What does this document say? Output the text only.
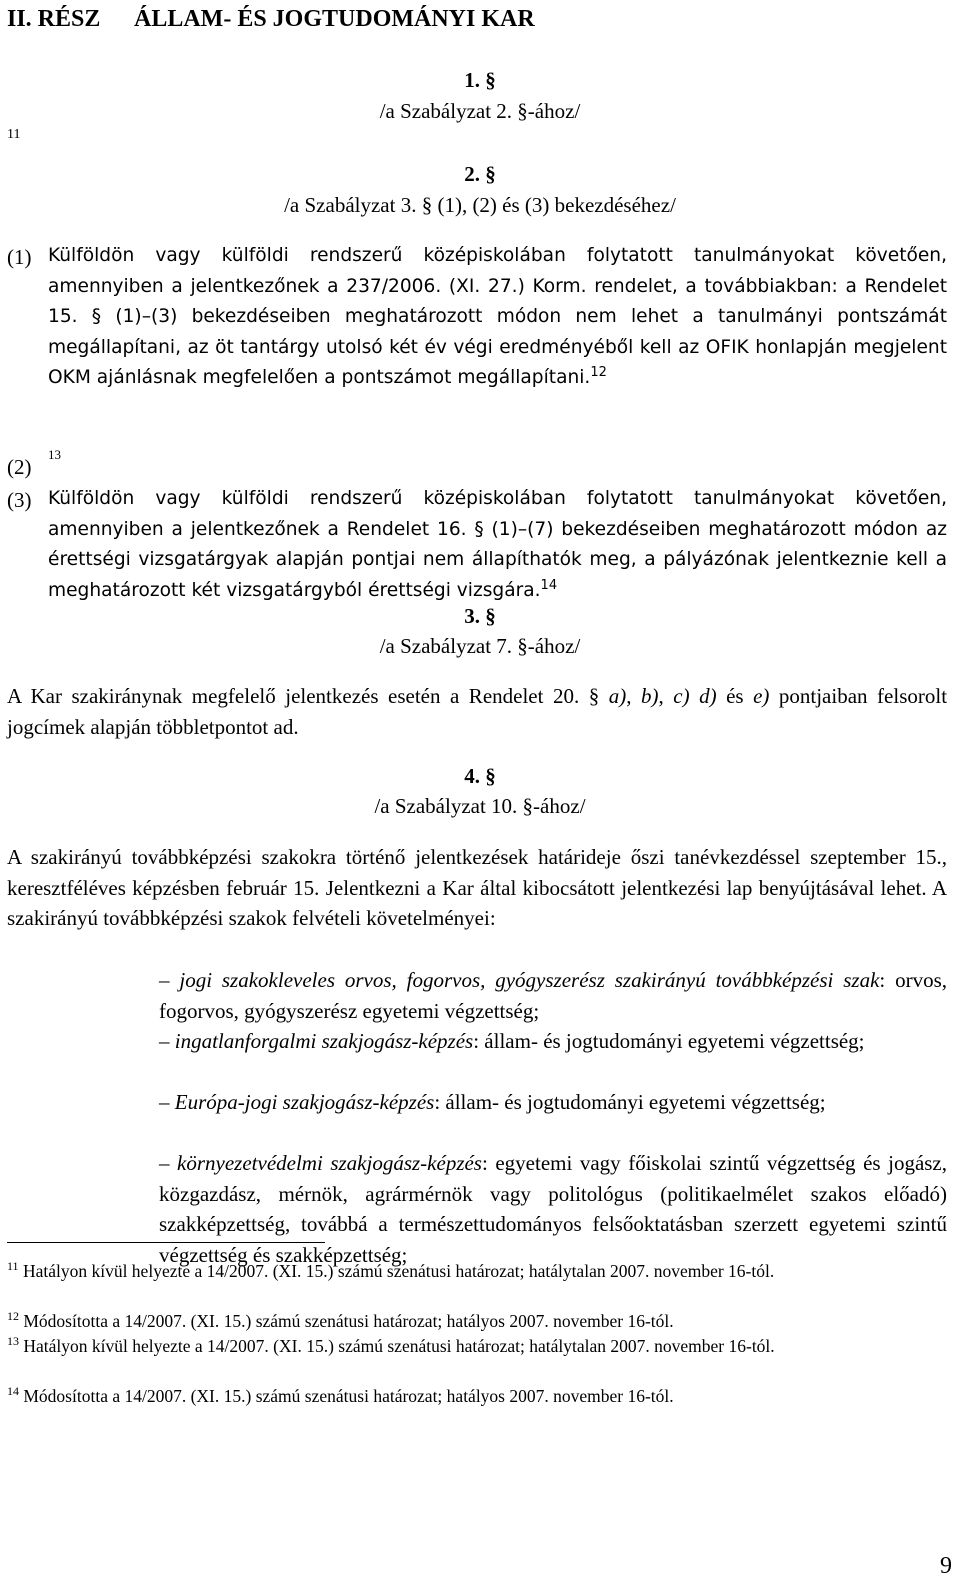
II. RÉSZ ÁLLAM- ÉS JOGTUDOMÁNYI KAR
1. §
/a Szabályzat 2. §-ához/
11
2. §
/a Szabályzat 3. § (1), (2) és (3) bekezdéséhez/
(1) Külföldön vagy külföldi rendszerű középiskolában folytatott tanulmányokat követően, amennyiben a jelentkezőnek a 237/2006. (XI. 27.) Korm. rendelet, a továbbiakban: a Rendelet 15. § (1)–(3) bekezdéseiben meghatározott módon nem lehet a tanulmányi pontszámát megállapítani, az öt tantárgy utolsó két év végi eredményéből kell az OFIK honlapján megjelent OKM ajánlásnak megfelelően a pontszámot megállapítani.$^{12}$
(2)
13
(3) Külföldön vagy külföldi rendszerű középiskolában folytatott tanulmányokat követően, amennyiben a jelentkezőnek a Rendelet 16. § (1)–(7) bekezdéseiben meghatározott módon az érettségi vizsgatárgyak alapján pontjai nem állapíthatók meg, a pályázónak jelentkeznie kell a meghatározott két vizsgatárgyból érettségi vizsgára.$^{14}$
3. §
/a Szabályzat 7. §-ához/
A Kar szakiránynak megfelelő jelentkezés esetén a Rendelet 20. § a), b), c) d) és e) pontjaiban felsorolt jogcímek alapján többletpontot ad.
4. §
/a Szabályzat 10. §-ához/
A szakirányú továbbképzési szakokra történő jelentkezések határideje őszi tanévkezdéssel szeptember 15., keresztféléves képzésben február 15. Jelentkezni a Kar által kibocsátott jelentkezési lap benyújtásával lehet. A szakirányú továbbképzési szakok felvételi követelményei:
– jogi szakokleveles orvos, fogorvos, gyógyszerész szakirányú továbbképzési szak: orvos, fogorvos, gyógyszerész egyetemi végzettség;
– ingatlanforgalmi szakjogász-képzés: állam- és jogtudományi egyetemi végzettség;
– Európa-jogi szakjogász-képzés: állam- és jogtudományi egyetemi végzettség;
– környezetvédelmi szakjogász-képzés: egyetemi vagy főiskolai szintű végzettség és jogász, közgazdász, mérnök, agrármérnök vagy politológus (politikaelmélet szakos előadó) szakképzettség, továbbá a természettudományos felsőoktatásban szerzett egyetemi szintű végzettség és szakképzettség;
$^{11}$ Hatályon kívül helyezte a 14/2007. (XI. 15.) számú szenátusi határozat; hatálytalan 2007. november 16-tól.
$^{12}$ Módosította a 14/2007. (XI. 15.) számú szenátusi határozat; hatályos 2007. november 16-tól.
$^{13}$ Hatályon kívül helyezte a 14/2007. (XI. 15.) számú szenátusi határozat; hatálytalan 2007. november 16-tól.
$^{14}$ Módosította a 14/2007. (XI. 15.) számú szenátusi határozat; hatályos 2007. november 16-tól.
9
